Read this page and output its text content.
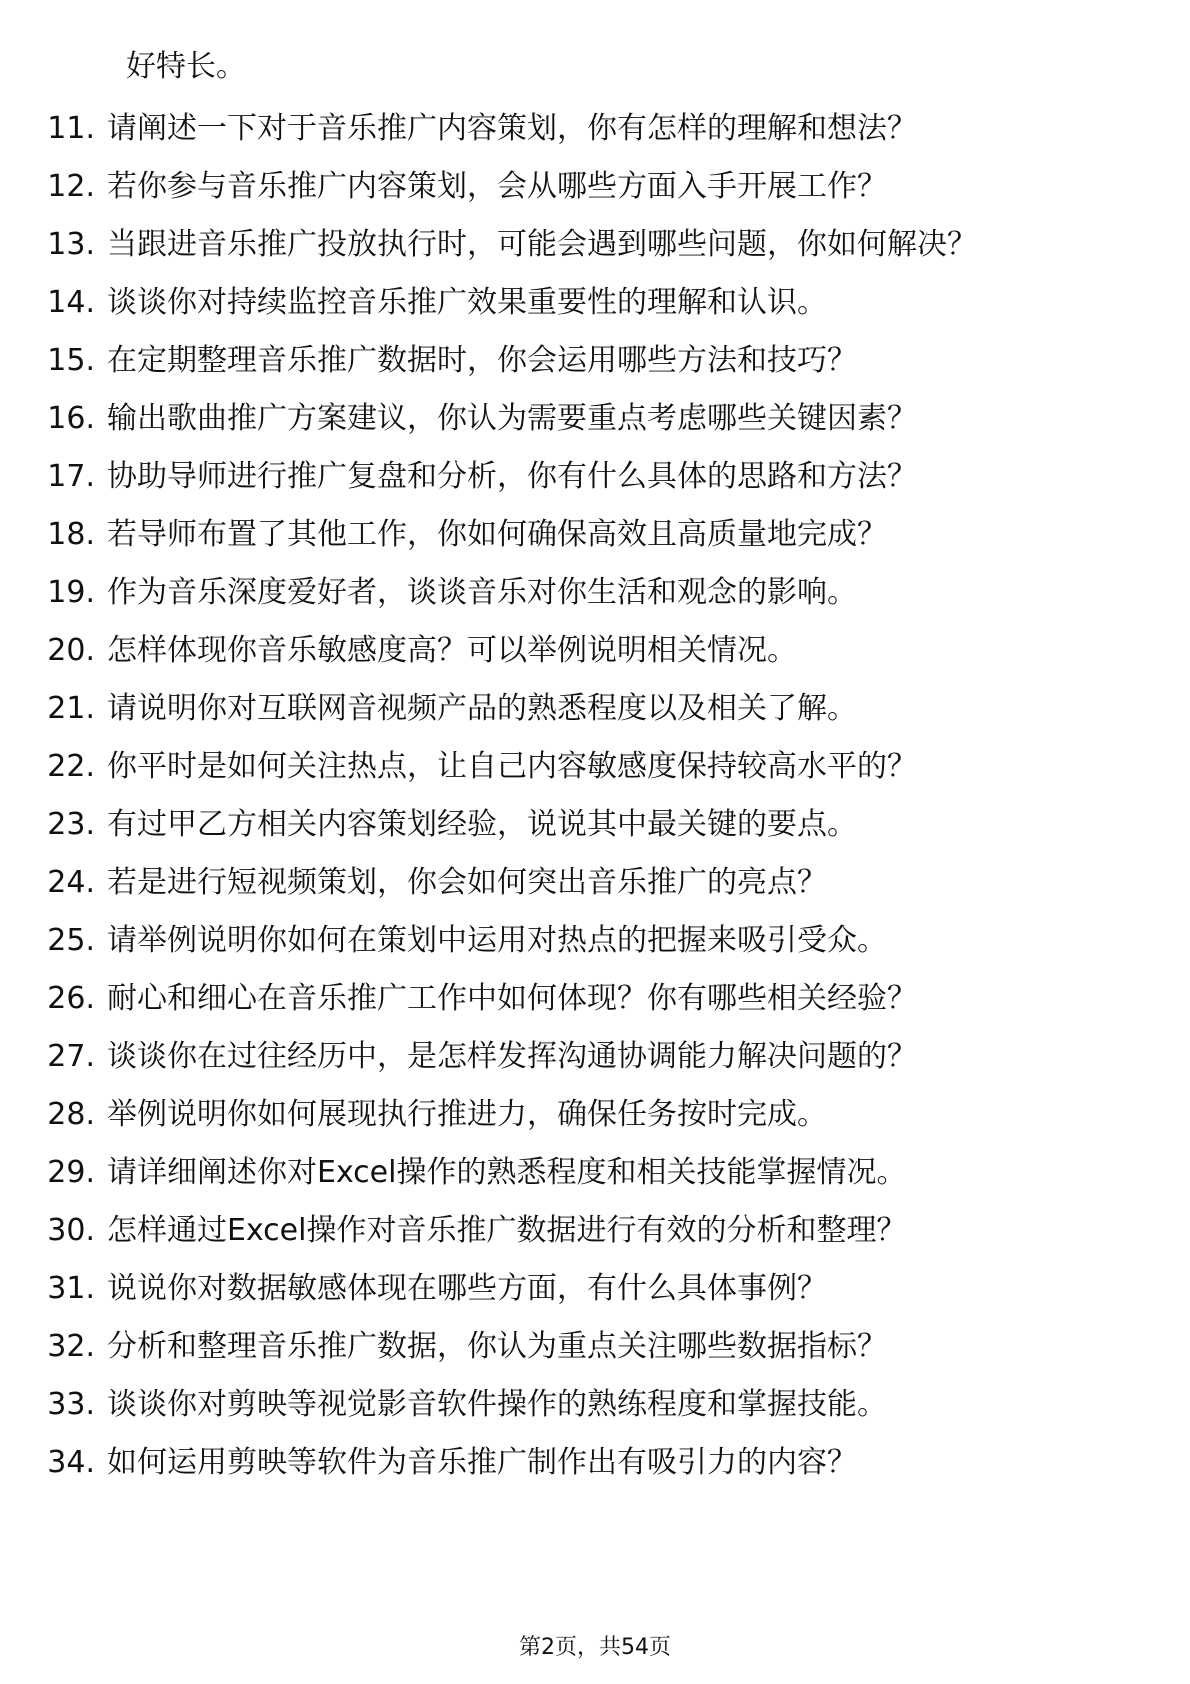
好特长。
11. 请阐述一下对于音乐推广内容策划，你有怎样的理解和想法？
12. 若你参与音乐推广内容策划，会从哪些方面入手开展工作？
13. 当跟进音乐推广投放执行时，可能会遇到哪些问题，你如何解决？
14. 谈谈你对持续监控音乐推广效果重要性的理解和认识。
15. 在定期整理音乐推广数据时，你会运用哪些方法和技巧？
16. 输出歌曲推广方案建议，你认为需要重点考虑哪些关键因素？
17. 协助导师进行推广复盘和分析，你有什么具体的思路和方法？
18. 若导师布置了其他工作，你如何确保高效且高质量地完成？
19. 作为音乐深度爱好者，谈谈音乐对你生活和观念的影响。
20. 怎样体现你音乐敏感度高？可以举例说明相关情况。
21. 请说明你对互联网音视频产品的熟悉程度以及相关了解。
22. 你平时是如何关注热点，让自己内容敏感度保持较高水平的？
23. 有过甲乙方相关内容策划经验，说说其中最关键的要点。
24. 若是进行短视频策划，你会如何突出音乐推广的亮点？
25. 请举例说明你如何在策划中运用对热点的把握来吸引受众。
26. 耐心和细心在音乐推广工作中如何体现？你有哪些相关经验？
27. 谈谈你在过往经历中，是怎样发挥沟通协调能力解决问题的？
28. 举例说明你如何展现执行推进力，确保任务按时完成。
29. 请详细阐述你对Excel操作的熟悉程度和相关技能掌握情况。
30. 怎样通过Excel操作对音乐推广数据进行有效的分析和整理？
31. 说说你对数据敏感体现在哪些方面，有什么具体事例？
32. 分析和整理音乐推广数据，你认为重点关注哪些数据指标？
33. 谈谈你对剪映等视觉影音软件操作的熟练程度和掌握技能。
34. 如何运用剪映等软件为音乐推广制作出有吸引力的内容？
第2页，共54页
